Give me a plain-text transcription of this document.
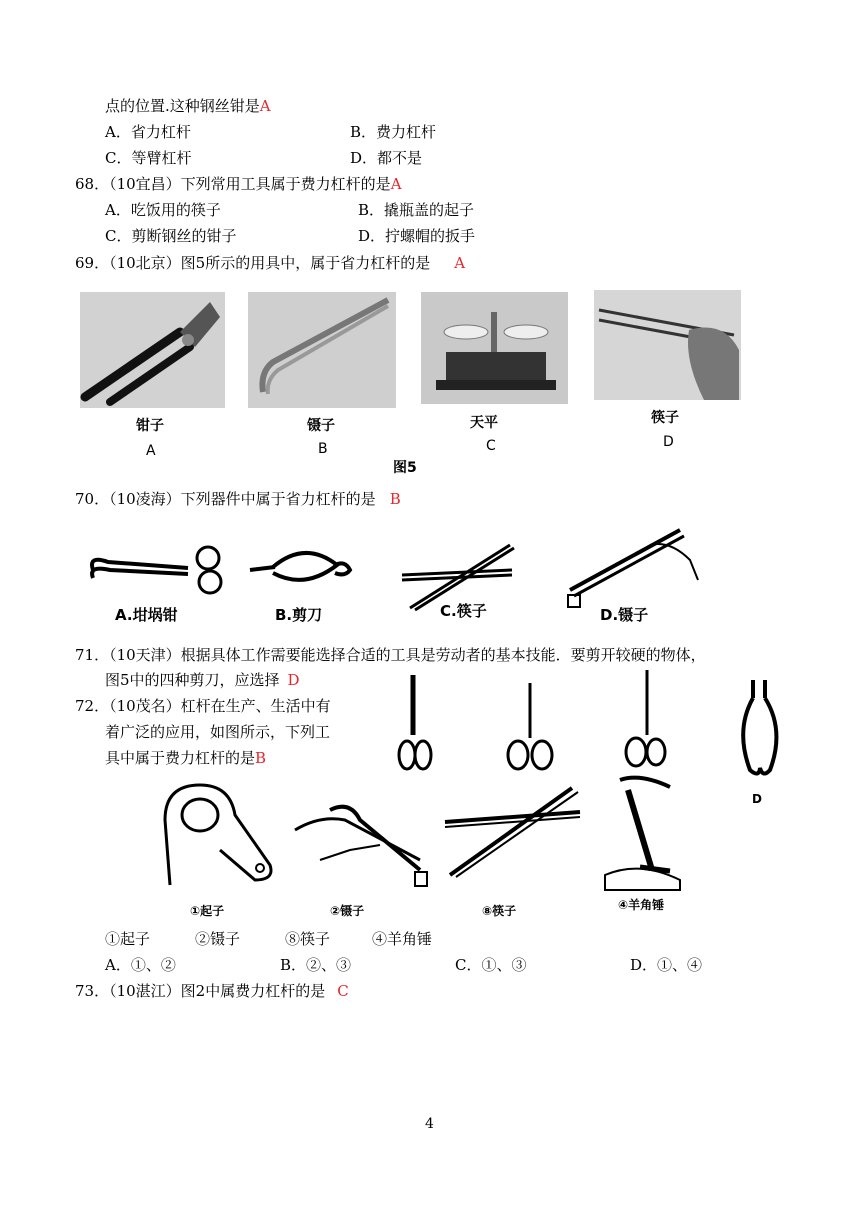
点的位置.这种钢丝钳是A
A．省力杠杆	B．费力杠杆
C．等臂杠杆	D．都不是
68．（10宜昌）下列常用工具属于费力杠杆的是A
A．吃饭用的筷子	B．撬瓶盖的起子
C．剪断钢丝的钳子	D．拧螺帽的扳手
69．（10北京）图5所示的用具中，属于省力杠杆的是 A
钳子	镊子	天平	筷子
A	B	C	D
图5
70．（10凌海）下列器件中属于省力杠杆的是 B
A.坩埚钳	B.剪刀	C.筷子	D.镊子
71．（10天津）根据具体工作需要能选择合适的工具是劳动者的基本技能．要剪开较硬的物体，
图5中的四种剪刀，应选择 D
D
72．（10茂名）杠杆在生产、生活中有
着广泛的应用，如图所示，下列工
具中属于费力杠杆的是B
①起子	②镊子	⑧筷子	④羊角锤
①起子	②镊子	⑧筷子	④羊角锤
A．①、②	B．②、③	C．①、③	D．①、④
73．（10湛江）图2中属费力杠杆的是 C
4
